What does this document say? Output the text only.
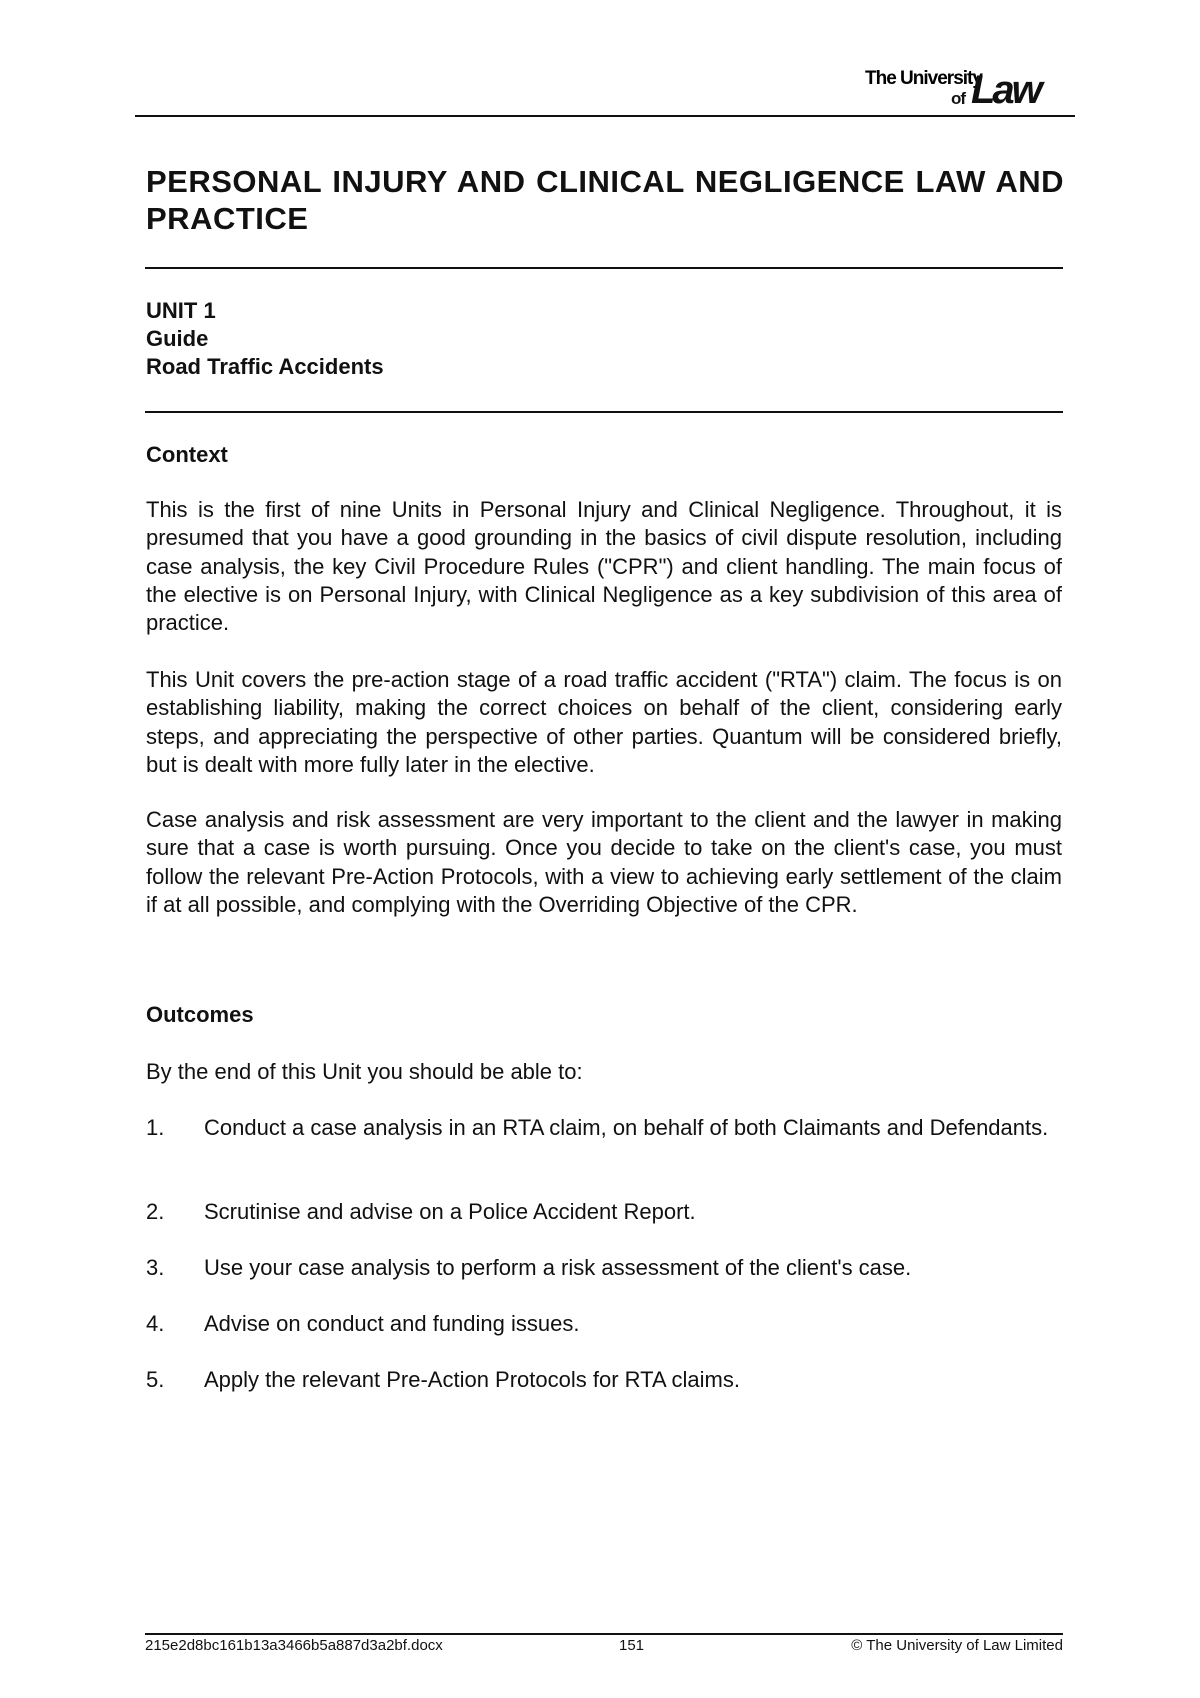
The University
of Law
PERSONAL INJURY AND CLINICAL NEGLIGENCE LAW AND PRACTICE
UNIT 1
Guide
Road Traffic Accidents
Context

This is the first of nine Units in Personal Injury and Clinical Negligence. Throughout, it is presumed that you have a good grounding in the basics of civil dispute resolution, including case analysis, the key Civil Procedure Rules ("CPR") and client handling. The main focus of the elective is on Personal Injury, with Clinical Negligence as a key subdivision of this area of practice.

This Unit covers the pre-action stage of a road traffic accident ("RTA") claim. The focus is on establishing liability, making the correct choices on behalf of the client, considering early steps, and appreciating the perspective of other parties. Quantum will be considered briefly, but is dealt with more fully later in the elective.

Case analysis and risk assessment are very important to the client and the lawyer in making sure that a case is worth pursuing. Once you decide to take on the client's case, you must follow the relevant Pre-Action Protocols, with a view to achieving early settlement of the claim if at all possible, and complying with the Overriding Objective of the CPR.

Outcomes
By the end of this Unit you should be able to:
1. Conduct a case analysis in an RTA claim, on behalf of both Claimants and Defendants.
2. Scrutinise and advise on a Police Accident Report.
3. Use your case analysis to perform a risk assessment of the client's case.
4. Advise on conduct and funding issues.
5. Apply the relevant Pre-Action Protocols for RTA claims.
215e2d8bc161b13a3466b5a887d3a2bf.docx	151	© The University of Law Limited
